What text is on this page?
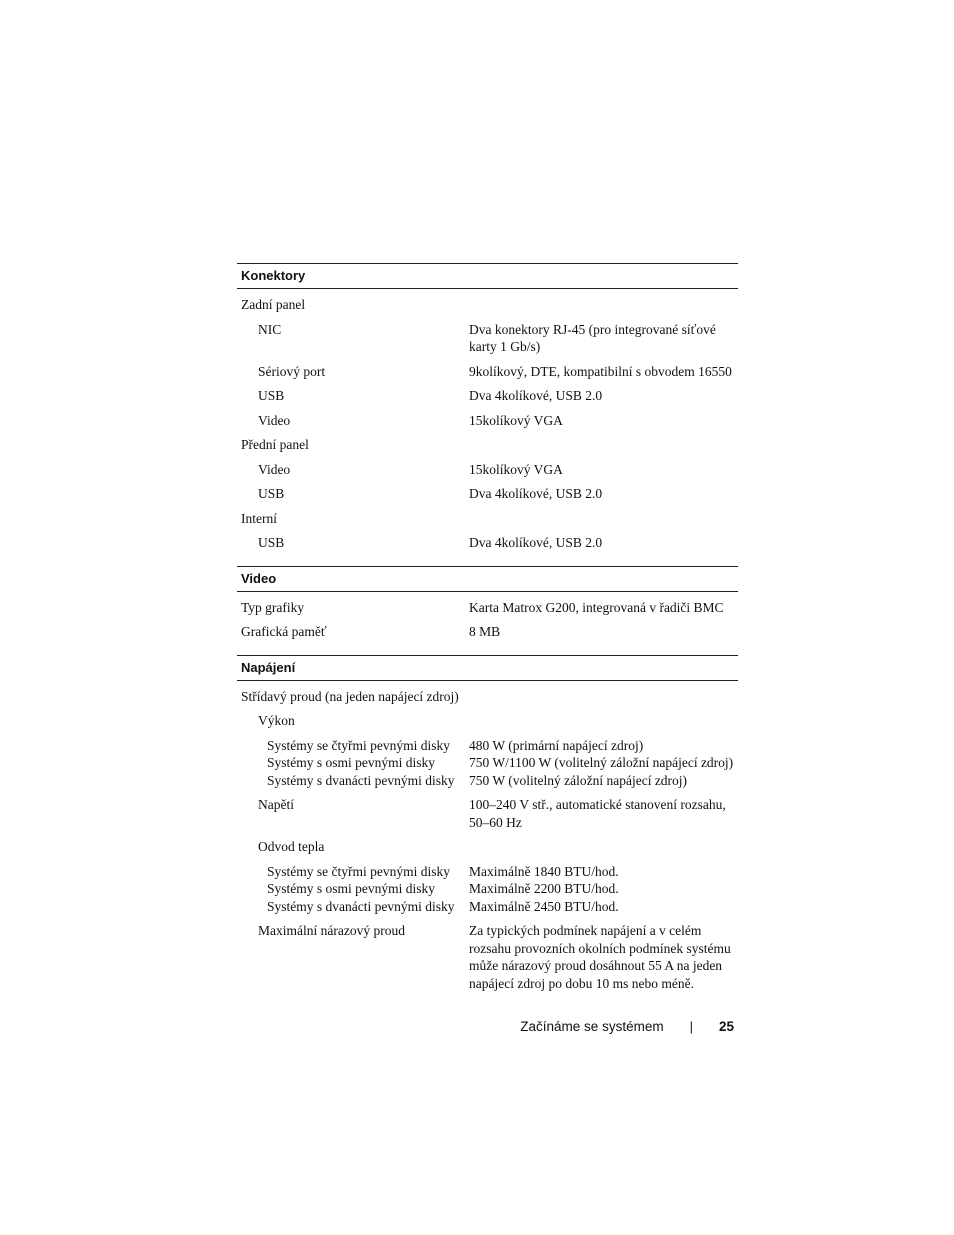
Konektory
Zadní panel
NIC	Dva konektory RJ-45 (pro integrované síťové
karty 1 Gb/s)
Sériový port	9kolíkový, DTE, kompatibilní s obvodem 16550
USB	Dva 4kolíkové, USB 2.0
Video	15kolíkový VGA
Přední panel
Video	15kolíkový VGA
USB	Dva 4kolíkové, USB 2.0
Interní
USB	Dva 4kolíkové, USB 2.0
Video
Typ grafiky	Karta Matrox G200, integrovaná v řadiči BMC
Grafická paměť	8 MB
Napájení
Střídavý proud (na jeden napájecí zdroj)
Výkon
Systémy se čtyřmi pevnými disky	480 W (primární napájecí zdroj)
Systémy s osmi pevnými disky	750 W/1100 W (volitelný záložní napájecí zdroj)
Systémy s dvanácti pevnými disky	750 W (volitelný záložní napájecí zdroj)
Napětí	100–240 V stř., automatické stanovení rozsahu,
50–60 Hz
Odvod tepla
Systémy se čtyřmi pevnými disky	Maximálně 1840 BTU/hod.
Systémy s osmi pevnými disky	Maximálně 2200 BTU/hod.
Systémy s dvanácti pevnými disky	Maximálně 2450 BTU/hod.
Maximální nárazový proud	Za typických podmínek napájení a v celém
rozsahu provozních okolních podmínek systému
může nárazový proud dosáhnout 55 A na jeden
napájecí zdroj po dobu 10 ms nebo méně.
Začínáme se systémem | 25
